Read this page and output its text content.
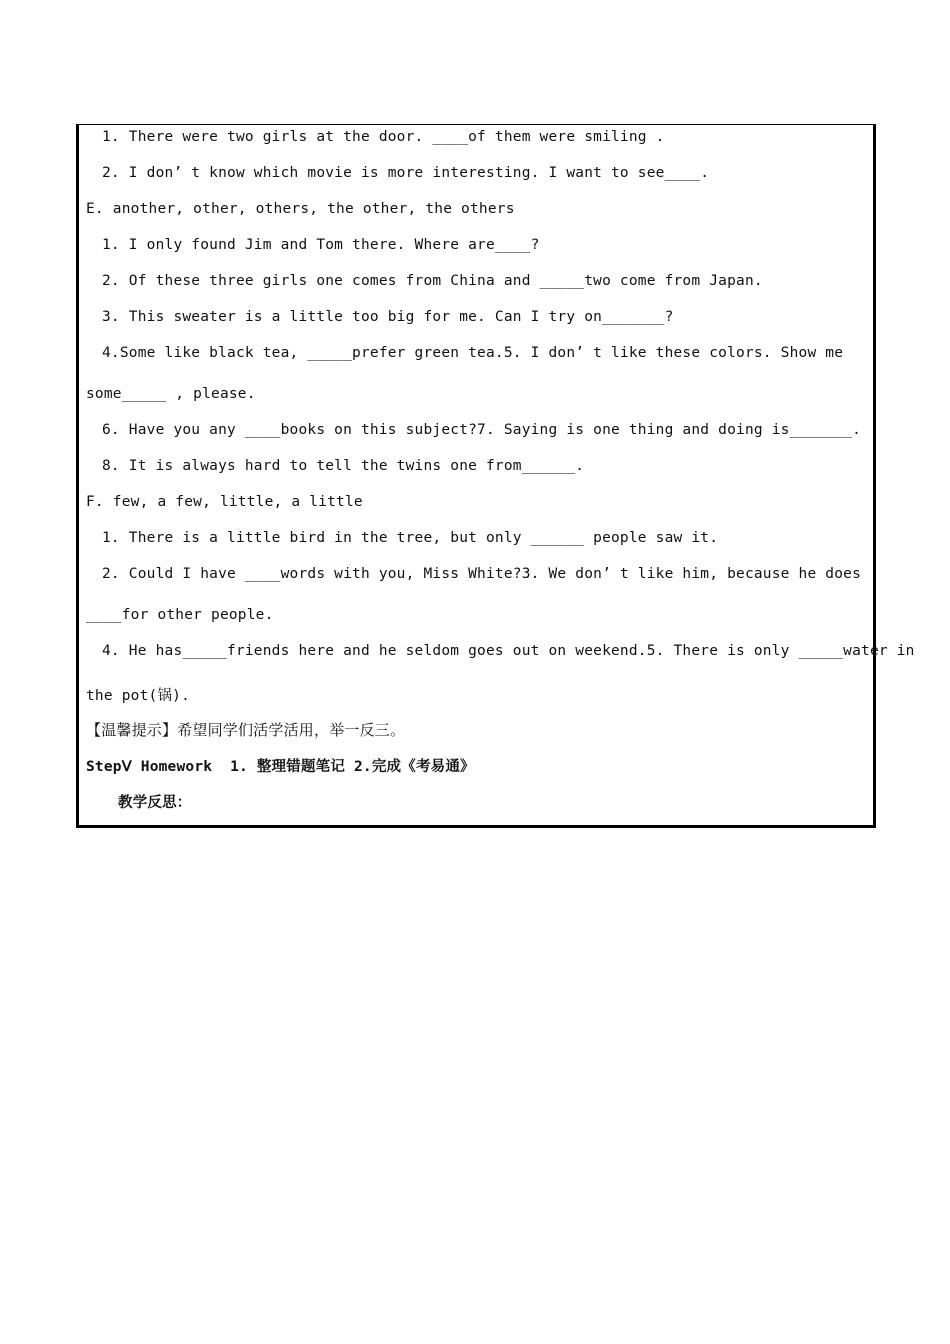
1. There were two girls at the door. ____of them were smiling .
2. I don’ t know which movie is more interesting. I want to see____.
E. another, other, others, the other, the others
1. I only found Jim and Tom there. Where are____?
2. Of these three girls one comes from China and _____two come from Japan.
3. This sweater is a little too big for me. Can I try on_______?
4.Some like black tea, _____prefer green tea.5. I don’ t like these colors. Show me
some_____ , please.
6. Have you any ____books on this subject?7. Saying is one thing and doing is_______.
8. It is always hard to tell the twins one from______.
F. few, a few, little, a little
1. There is a little bird in the tree, but only ______ people saw it.
2. Could I have ____words with you, Miss White?3. We don’ t like him, because he does
____for other people.
4. He has_____friends here and he seldom goes out on weekend.5. There is only _____water in
the pot(锅).
【温馨提示】希望同学们活学活用，举一反三。
StepⅤ Homework  1. 整理错题笔记 2.完成《考易通》
教学反思：
